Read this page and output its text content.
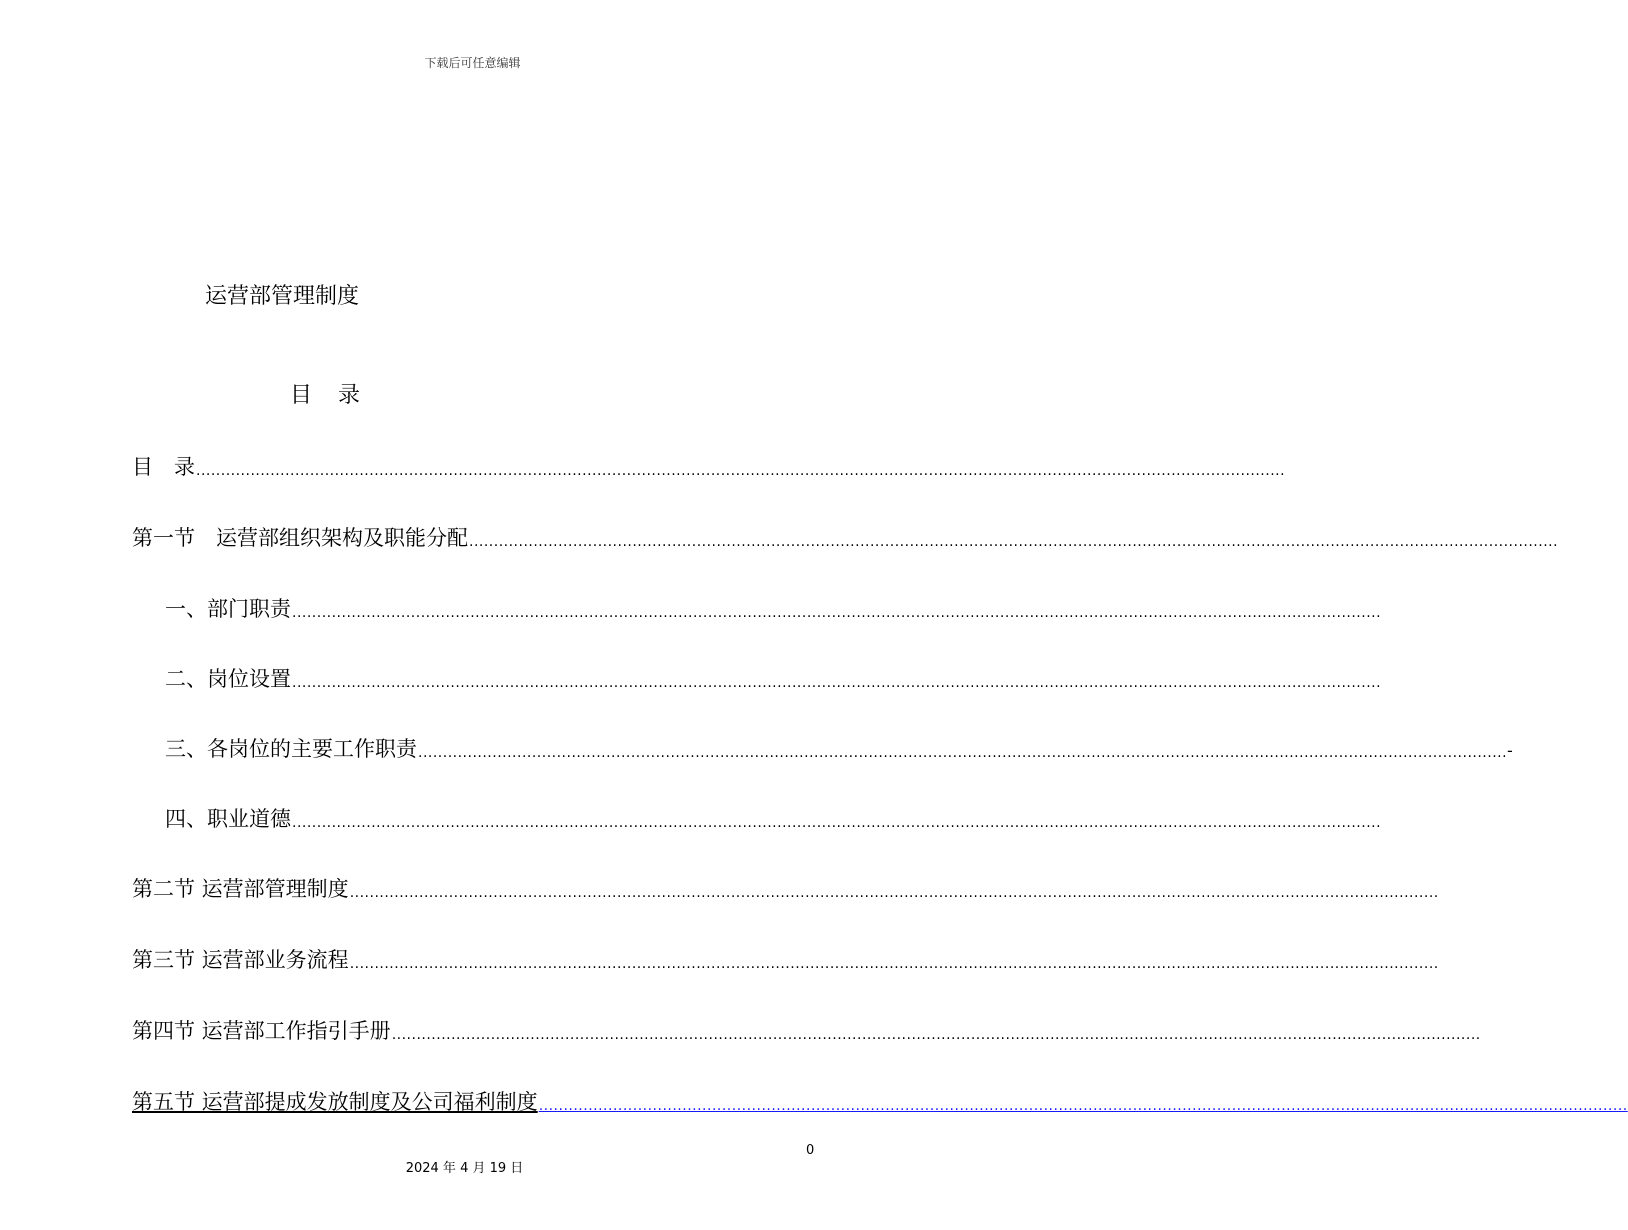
下载后可任意编辑
运营部管理制度
目 录
目　录 ............................................................................................................................................................................................................................
第一节　运营部组织架构及职能分配 ............................................................................................................................................................................................................................
一、部门职责 ............................................................................................................................................................................................................................
二、岗位设置 ............................................................................................................................................................................................................................
三、各岗位的主要工作职责 ............................................................................................................................................................................................................................ -
四、职业道德 ............................................................................................................................................................................................................................
第二节 运营部管理制度 ............................................................................................................................................................................................................................
第三节 运营部业务流程 ............................................................................................................................................................................................................................
第四节 运营部工作指引手册 ............................................................................................................................................................................................................................
第五节 运营部提成发放制度及公司福利制度 ............................................................................................................................................................................................................................
0
2024 年 4 月 19 日
